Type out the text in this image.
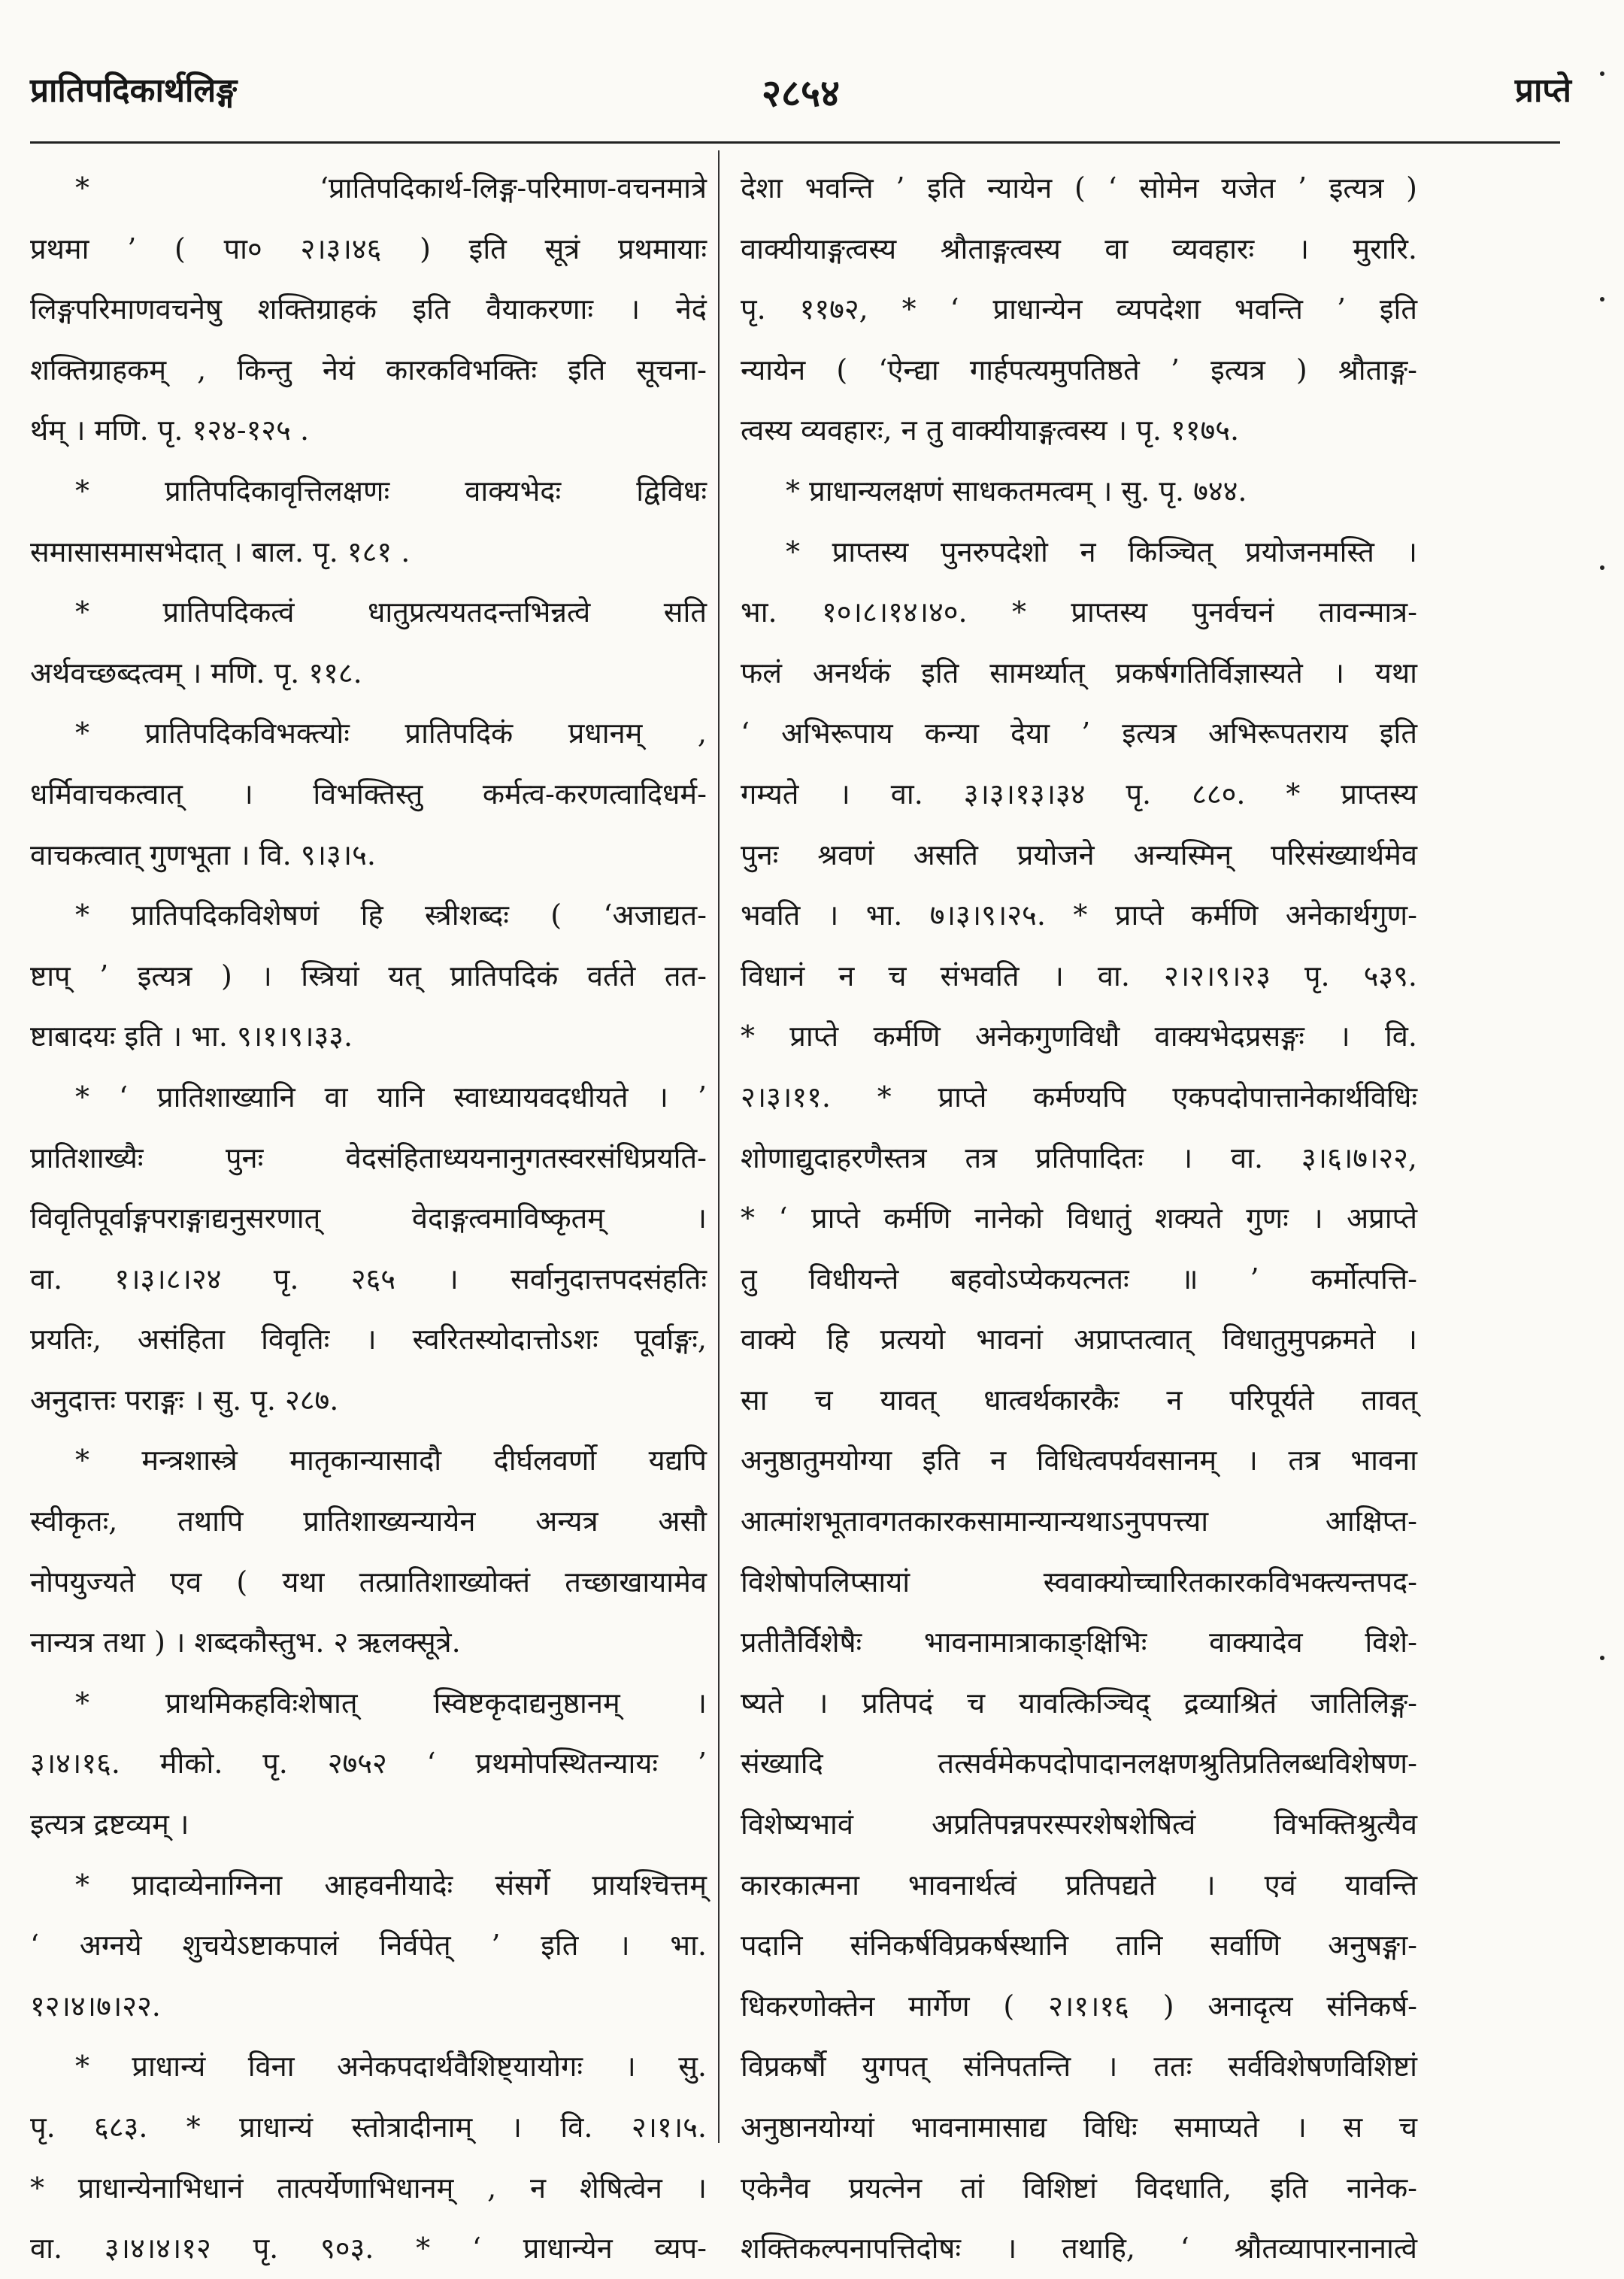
प्रातिपदिकार्थलिङ्ग	२८५४	प्राप्ते
* ‘प्रातिपदिकार्थ-लिङ्ग-परिमाण-वचनमात्रे
प्रथमा ’ ( पा० २।३।४६ ) इति सूत्रं प्रथमायाः
लिङ्गपरिमाणवचनेषु शक्तिग्राहकं इति वैयाकरणाः । नेदं
शक्तिग्राहकम् , किन्तु नेयं कारकविभक्तिः इति सूचना-
र्थम् । मणि. पृ. १२४-१२५ .
* प्रातिपदिकावृत्तिलक्षणः वाक्यभेदः द्विविधः
समासासमासभेदात् । बाल. पृ. १८१ .
* प्रातिपदिकत्वं धातुप्रत्ययतदन्तभिन्नत्वे सति
अर्थवच्छब्दत्वम् । मणि. पृ. ११८.
* प्रातिपदिकविभक्त्योः प्रातिपदिकं प्रधानम् ,
धर्मिवाचकत्वात् । विभक्तिस्तु कर्मत्व-करणत्वादिधर्म-
वाचकत्वात् गुणभूता । वि. ९।३।५.
* प्रातिपदिकविशेषणं हि स्त्रीशब्दः ( ‘अजाद्यत-
ष्टाप् ’ इत्यत्र ) । स्त्रियां यत् प्रातिपदिकं वर्तते तत-
ष्टाबादयः इति । भा. ९।१।९।३३.
* ‘ प्रातिशाख्यानि वा यानि स्वाध्यायवदधीयते । ’
प्रातिशाख्यैः पुनः वेदसंहिताध्ययनानुगतस्वरसंधिप्रयति-
विवृतिपूर्वाङ्गपराङ्गाद्यनुसरणात् वेदाङ्गत्वमाविष्कृतम् ।
वा. १।३।८।२४ पृ. २६५ । सर्वानुदात्तपदसंहतिः
प्रयतिः, असंहिता विवृतिः । स्वरितस्योदात्तोऽशः पूर्वाङ्गः,
अनुदात्तः पराङ्गः । सु. पृ. २८७.
* मन्त्रशास्त्रे मातृकान्यासादौ दीर्घलवर्णो यद्यपि
स्वीकृतः, तथापि प्रातिशाख्यन्यायेन अन्यत्र असौ
नोपयुज्यते एव ( यथा तत्प्रातिशाख्योक्तं तच्छाखायामेव
नान्यत्र तथा ) । शब्दकौस्तुभ. २ ऋलक्सूत्रे.
* प्राथमिकहविःशेषात् स्विष्टकृदाद्यनुष्ठानम् ।
३।४।१६. मीको. पृ. २७५२ ‘ प्रथमोपस्थितन्यायः ’
इत्यत्र द्रष्टव्यम् ।
* प्रादाव्येनाग्निना आहवनीयादेः संसर्गे प्रायश्चित्तम्
‘ अग्नये शुचयेऽष्टाकपालं निर्वपेत् ’ इति । भा.
१२।४।७।२२.
* प्राधान्यं विना अनेकपदार्थवैशिष्ट्यायोगः । सु.
पृ. ६८३. * प्राधान्यं स्तोत्रादीनाम् । वि. २।१।५.
* प्राधान्येनाभिधानं तात्पर्येणाभिधानम् , न शेषित्वेन ।
वा. ३।४।४।१२ पृ. ९०३. * ‘ प्राधान्येन व्यप-
देशा भवन्ति ’ इति न्यायेन ( ‘ सोमेन यजेत ’ इत्यत्र )
वाक्यीयाङ्गत्वस्य श्रौताङ्गत्वस्य वा व्यवहारः । मुरारि.
पृ. ११७२, * ‘ प्राधान्येन व्यपदेशा भवन्ति ’ इति
न्यायेन ( ‘ऐन्द्या गार्हपत्यमुपतिष्ठते ’ इत्यत्र ) श्रौताङ्ग-
त्वस्य व्यवहारः, न तु वाक्यीयाङ्गत्वस्य । पृ. ११७५.
* प्राधान्यलक्षणं साधकतमत्वम् । सु. पृ. ७४४.
* प्राप्तस्य पुनरुपदेशो न किञ्चित् प्रयोजनमस्ति ।
भा. १०।८।१४।४०. * प्राप्तस्य पुनर्वचनं तावन्मात्र-
फलं अनर्थकं इति सामर्थ्यात् प्रकर्षगतिर्विज्ञास्यते । यथा
‘ अभिरूपाय कन्या देया ’ इत्यत्र अभिरूपतराय इति
गम्यते । वा. ३।३।१३।३४ पृ. ८८०. * प्राप्तस्य
पुनः श्रवणं असति प्रयोजने अन्यस्मिन् परिसंख्यार्थमेव
भवति । भा. ७।३।९।२५. * प्राप्ते कर्मणि अनेकार्थगुण-
विधानं न च संभवति । वा. २।२।९।२३ पृ. ५३९.
* प्राप्ते कर्मणि अनेकगुणविधौ वाक्यभेदप्रसङ्गः । वि.
२।३।११. * प्राप्ते कर्मण्यपि एकपदोपात्तानेकार्थविधिः
शोणाद्युदाहरणैस्तत्र तत्र प्रतिपादितः । वा. ३।६।७।२२,
* ‘ प्राप्ते कर्मणि नानेको विधातुं शक्यते गुणः । अप्राप्ते
तु विधीयन्ते बहवोऽप्येकयत्नतः ॥ ’ कर्मोत्पत्ति-
वाक्ये हि प्रत्ययो भावनां अप्राप्तत्वात् विधातुमुपक्रमते ।
सा च यावत् धात्वर्थकारकैः न परिपूर्यते तावत्
अनुष्ठातुमयोग्या इति न विधित्वपर्यवसानम् । तत्र भावना
आत्मांशभूतावगतकारकसामान्यान्यथाऽनुपपत्त्या आक्षिप्त-
विशेषोपलिप्सायां स्ववाक्योच्चारितकारकविभक्त्यन्तपद-
प्रतीतैर्विशेषैः भावनामात्राकाङ्क्षिभिः वाक्यादेव विशे-
ष्यते । प्रतिपदं च यावत्किञ्चिद् द्रव्याश्रितं जातिलिङ्ग-
संख्यादि तत्सर्वमेकपदोपादानलक्षणश्रुतिप्रतिलब्धविशेषण-
विशेष्यभावं अप्रतिपन्नपरस्परशेषशेषित्वं विभक्तिश्रुत्यैव
कारकात्मना भावनार्थत्वं प्रतिपद्यते । एवं यावन्ति
पदानि संनिकर्षविप्रकर्षस्थानि तानि सर्वाणि अनुषङ्गा-
धिकरणोक्तेन मार्गेण ( २।१।१६ ) अनादृत्य संनिकर्ष-
विप्रकर्षौ युगपत् संनिपतन्ति । ततः सर्वविशेषणविशिष्टां
अनुष्ठानयोग्यां भावनामासाद्य विधिः समाप्यते । स च
एकेनैव प्रयत्नेन तां विशिष्टां विदधाति, इति नानेक-
शक्तिकल्पनापत्तिदोषः । तथाहि, ‘ श्रौतव्यापारनानात्वे
